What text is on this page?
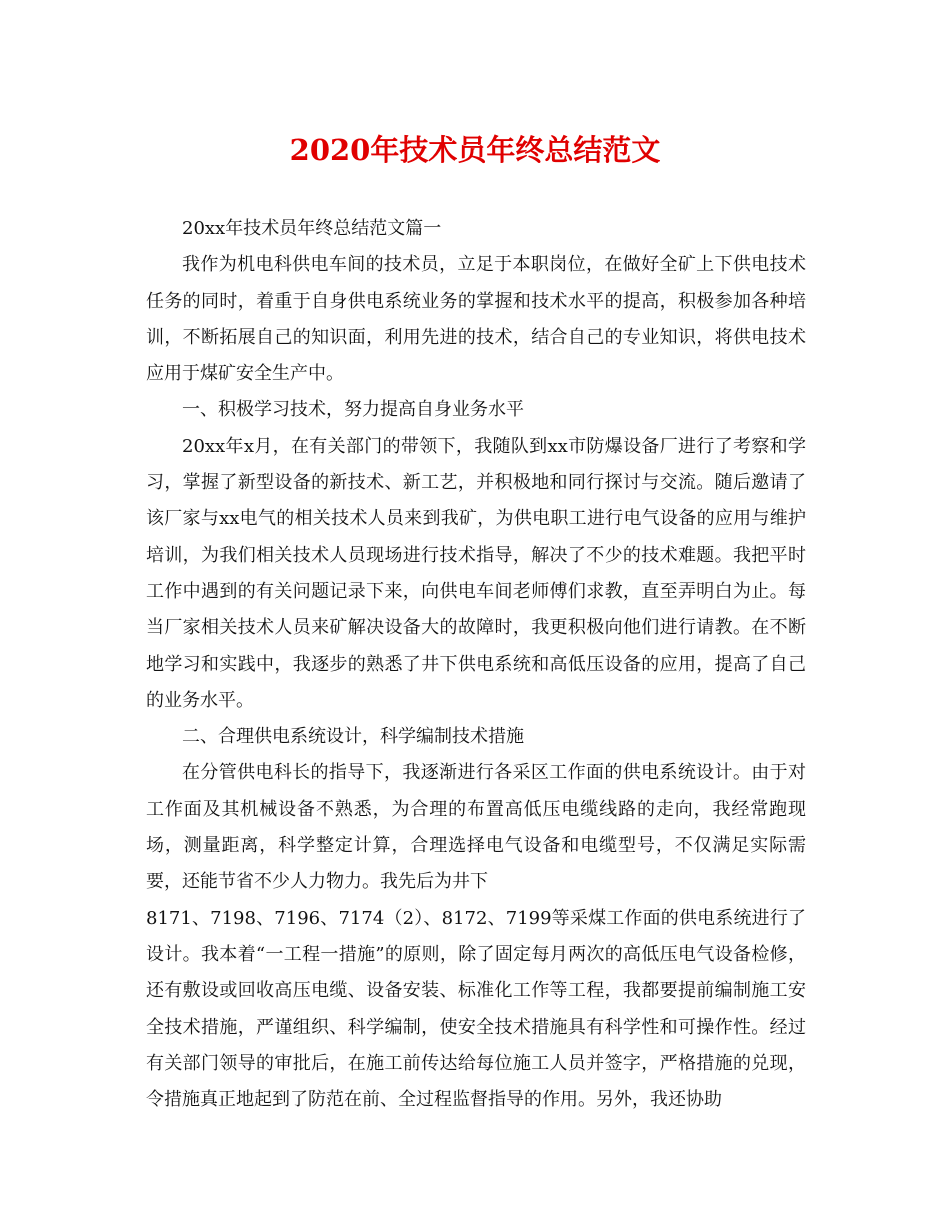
2020年技术员年终总结范文

20xx年技术员年终总结范文篇一

我作为机电科供电车间的技术员，立足于本职岗位，在做好全矿上下供电技术任务的同时，着重于自身供电系统业务的掌握和技术水平的提高，积极参加各种培训，不断拓展自己的知识面，利用先进的技术，结合自己的专业知识，将供电技术应用于煤矿安全生产中。

一、积极学习技术，努力提高自身业务水平

20xx年x月，在有关部门的带领下，我随队到xx市防爆设备厂进行了考察和学习，掌握了新型设备的新技术、新工艺，并积极地和同行探讨与交流。随后邀请了该厂家与xx电气的相关技术人员来到我矿，为供电职工进行电气设备的应用与维护培训，为我们相关技术人员现场进行技术指导，解决了不少的技术难题。我把平时工作中遇到的有关问题记录下来，向供电车间老师傅们求教，直至弄明白为止。每当厂家相关技术人员来矿解决设备大的故障时，我更积极向他们进行请教。在不断地学习和实践中，我逐步的熟悉了井下供电系统和高低压设备的应用，提高了自己的业务水平。

二、合理供电系统设计，科学编制技术措施

在分管供电科长的指导下，我逐渐进行各采区工作面的供电系统设计。由于对工作面及其机械设备不熟悉，为合理的布置高低压电缆线路的走向，我经常跑现场，测量距离，科学整定计算，合理选择电气设备和电缆型号，不仅满足实际需要，还能节省不少人力物力。我先后为井下

8171、7198、7196、7174（2）、8172、7199等采煤工作面的供电系统进行了设计。我本着“一工程一措施”的原则，除了固定每月两次的高低压电气设备检修，还有敷设或回收高压电缆、设备安装、标准化工作等工程，我都要提前编制施工安全技术措施，严谨组织、科学编制，使安全技术措施具有科学性和可操作性。经过有关部门领导的审批后，在施工前传达给每位施工人员并签字，严格措施的兑现，令措施真正地起到了防范在前、全过程监督指导的作用。另外，我还协助
